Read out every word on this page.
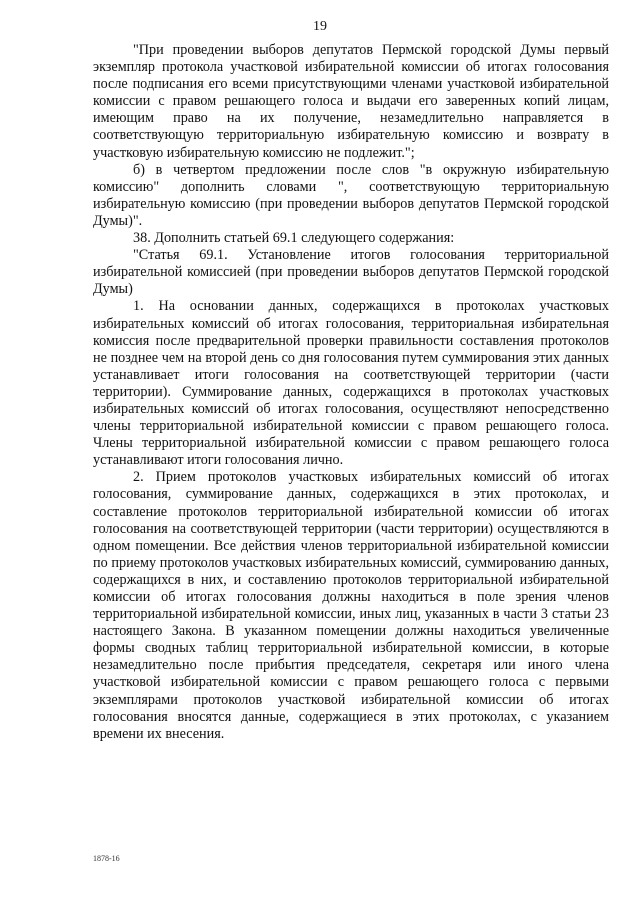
19

"При проведении выборов депутатов Пермской городской Думы первый экземпляр протокола участковой избирательной комиссии об итогах голосования после подписания его всеми присутствующими членами участковой избирательной комиссии с правом решающего голоса и выдачи его заверенных копий лицам, имеющим право на их получение, незамедлительно направляется в соответствующую территориальную избирательную комиссию и возврату в участковую избирательную комиссию не подлежит.";

б) в четвертом предложении после слов "в окружную избирательную комиссию" дополнить словами ", соответствующую территориальную избирательную комиссию (при проведении выборов депутатов Пермской городской Думы)".

38. Дополнить статьей 69.1 следующего содержания:

"Статья 69.1. Установление итогов голосования территориальной избирательной комиссией (при проведении выборов депутатов Пермской городской Думы)

1. На основании данных, содержащихся в протоколах участковых избирательных комиссий об итогах голосования, территориальная избирательная комиссия после предварительной проверки правильности составления протоколов не позднее чем на второй день со дня голосования путем суммирования этих данных устанавливает итоги голосования на соответствующей территории (части территории). Суммирование данных, содержащихся в протоколах участковых избирательных комиссий об итогах голосования, осуществляют непосредственно члены территориальной избирательной комиссии с правом решающего голоса. Члены территориальной избирательной комиссии с правом решающего голоса устанавливают итоги голосования лично.

2. Прием протоколов участковых избирательных комиссий об итогах голосования, суммирование данных, содержащихся в этих протоколах, и составление протоколов территориальной избирательной комиссии об итогах голосования на соответствующей территории (части территории) осуществляются в одном помещении. Все действия членов территориальной избирательной комиссии по приему протоколов участковых избирательных комиссий, суммированию данных, содержащихся в них, и составлению протоколов территориальной избирательной комиссии об итогах голосования должны находиться в поле зрения членов территориальной избирательной комиссии, иных лиц, указанных в части 3 статьи 23 настоящего Закона. В указанном помещении должны находиться увеличенные формы сводных таблиц территориальной избирательной комиссии, в которые незамедлительно после прибытия председателя, секретаря или иного члена участковой избирательной комиссии с правом решающего голоса с первыми экземплярами протоколов участковой избирательной комиссии об итогах голосования вносятся данные, содержащиеся в этих протоколах, с указанием времени их внесения.

1878-16
